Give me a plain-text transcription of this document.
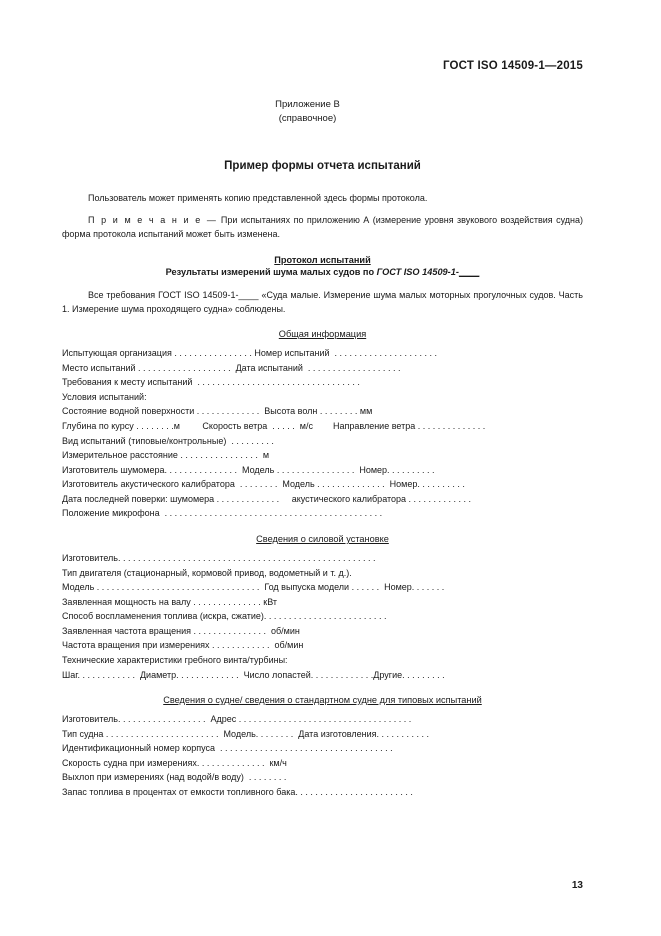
ГОСТ ISO 14509-1—2015
Приложение В
(справочное)
Пример формы отчета испытаний

Пользователь может применять копию представленной здесь формы протокола.

П р и м е ч а н и е — При испытаниях по приложению А (измерение уровня звукового воздействия судна) форма протокола испытаний может быть изменена.

Протокол испытаний
Результаты измерений шума малых судов по ГОСТ ISO 14509-1-____

Все требования ГОСТ ISO 14509-1-____ «Суда малые. Измерение шума малых моторных прогулочных судов. Часть 1. Измерение шума проходящего судна» соблюдены.

Общая информация
Испытующая организация . . . . . . . . . . . . . . . . Номер испытаний  . . . . . . . . . . . . . . . . . . . . .
Место испытаний . . . . . . . . . . . . . . . . . . .  Дата испытаний  . . . . . . . . . . . . . . . . . . .
Требования к месту испытаний  . . . . . . . . . . . . . . . . . . . . . . . . . . . . . . . . .
Условия испытаний:
Состояние водной поверхности . . . . . . . . . . . . .  Высота волн . . . . . . . . мм
Глубина по курсу . . . . . . . .м         Скорость ветра  . . . . .  м/с        Направление ветра . . . . . . . . . . . . . .
Вид испытаний (типовые/контрольные)  . . . . . . . . .
Измерительное расстояние . . . . . . . . . . . . . . . .  м
Изготовитель шумомера. . . . . . . . . . . . . . .  Модель . . . . . . . . . . . . . . . .  Номер. . . . . . . . . .
Изготовитель акустического калибратора  . . . . . . . .  Модель . . . . . . . . . . . . . .  Номер. . . . . . . . . .
Дата последней поверки: шумомера . . . . . . . . . . . . .     акустического калибратора . . . . . . . . . . . . .
Положение микрофона  . . . . . . . . . . . . . . . . . . . . . . . . . . . . . . . . . . . . . . . . . . . .
Сведения о силовой установке
Изготовитель. . . . . . . . . . . . . . . . . . . . . . . . . . . . . . . . . . . . . . . . . . . . . . . . . . . .
Тип двигателя (стационарный, кормовой привод, водометный и т. д.).
Модель . . . . . . . . . . . . . . . . . . . . . . . . . . . . . . . . .  Год выпуска модели . . . . . .  Номер. . . . . . .
Заявленная мощность на валу . . . . . . . . . . . . . . кВт
Способ воспламенения топлива (искра, сжатие). . . . . . . . . . . . . . . . . . . . . . . . .
Заявленная частота вращения . . . . . . . . . . . . . . .  об/мин
Частота вращения при измерениях . . . . . . . . . . . .  об/мин
Технические характеристики гребного винта/турбины:
Шаг. . . . . . . . . . . .  Диаметр. . . . . . . . . . . . .  Число лопастей. . . . . . . . . . . . .Другие. . . . . . . . .
Сведения о судне/ сведения о стандартном судне для типовых испытаний
Изготовитель. . . . . . . . . . . . . . . . . .  Адрес . . . . . . . . . . . . . . . . . . . . . . . . . . . . . . . . . . .
Тип судна . . . . . . . . . . . . . . . . . . . . . . .  Модель. . . . . . . .  Дата изготовления. . . . . . . . . . .
Идентификационный номер корпуса  . . . . . . . . . . . . . . . . . . . . . . . . . . . . . . . . . . .
Скорость судна при измерениях. . . . . . . . . . . . . .  км/ч
Выхлоп при измерениях (над водой/в воду)  . . . . . . . .
Запас топлива в процентах от емкости топливного бака. . . . . . . . . . . . . . . . . . . . . . . .
13
